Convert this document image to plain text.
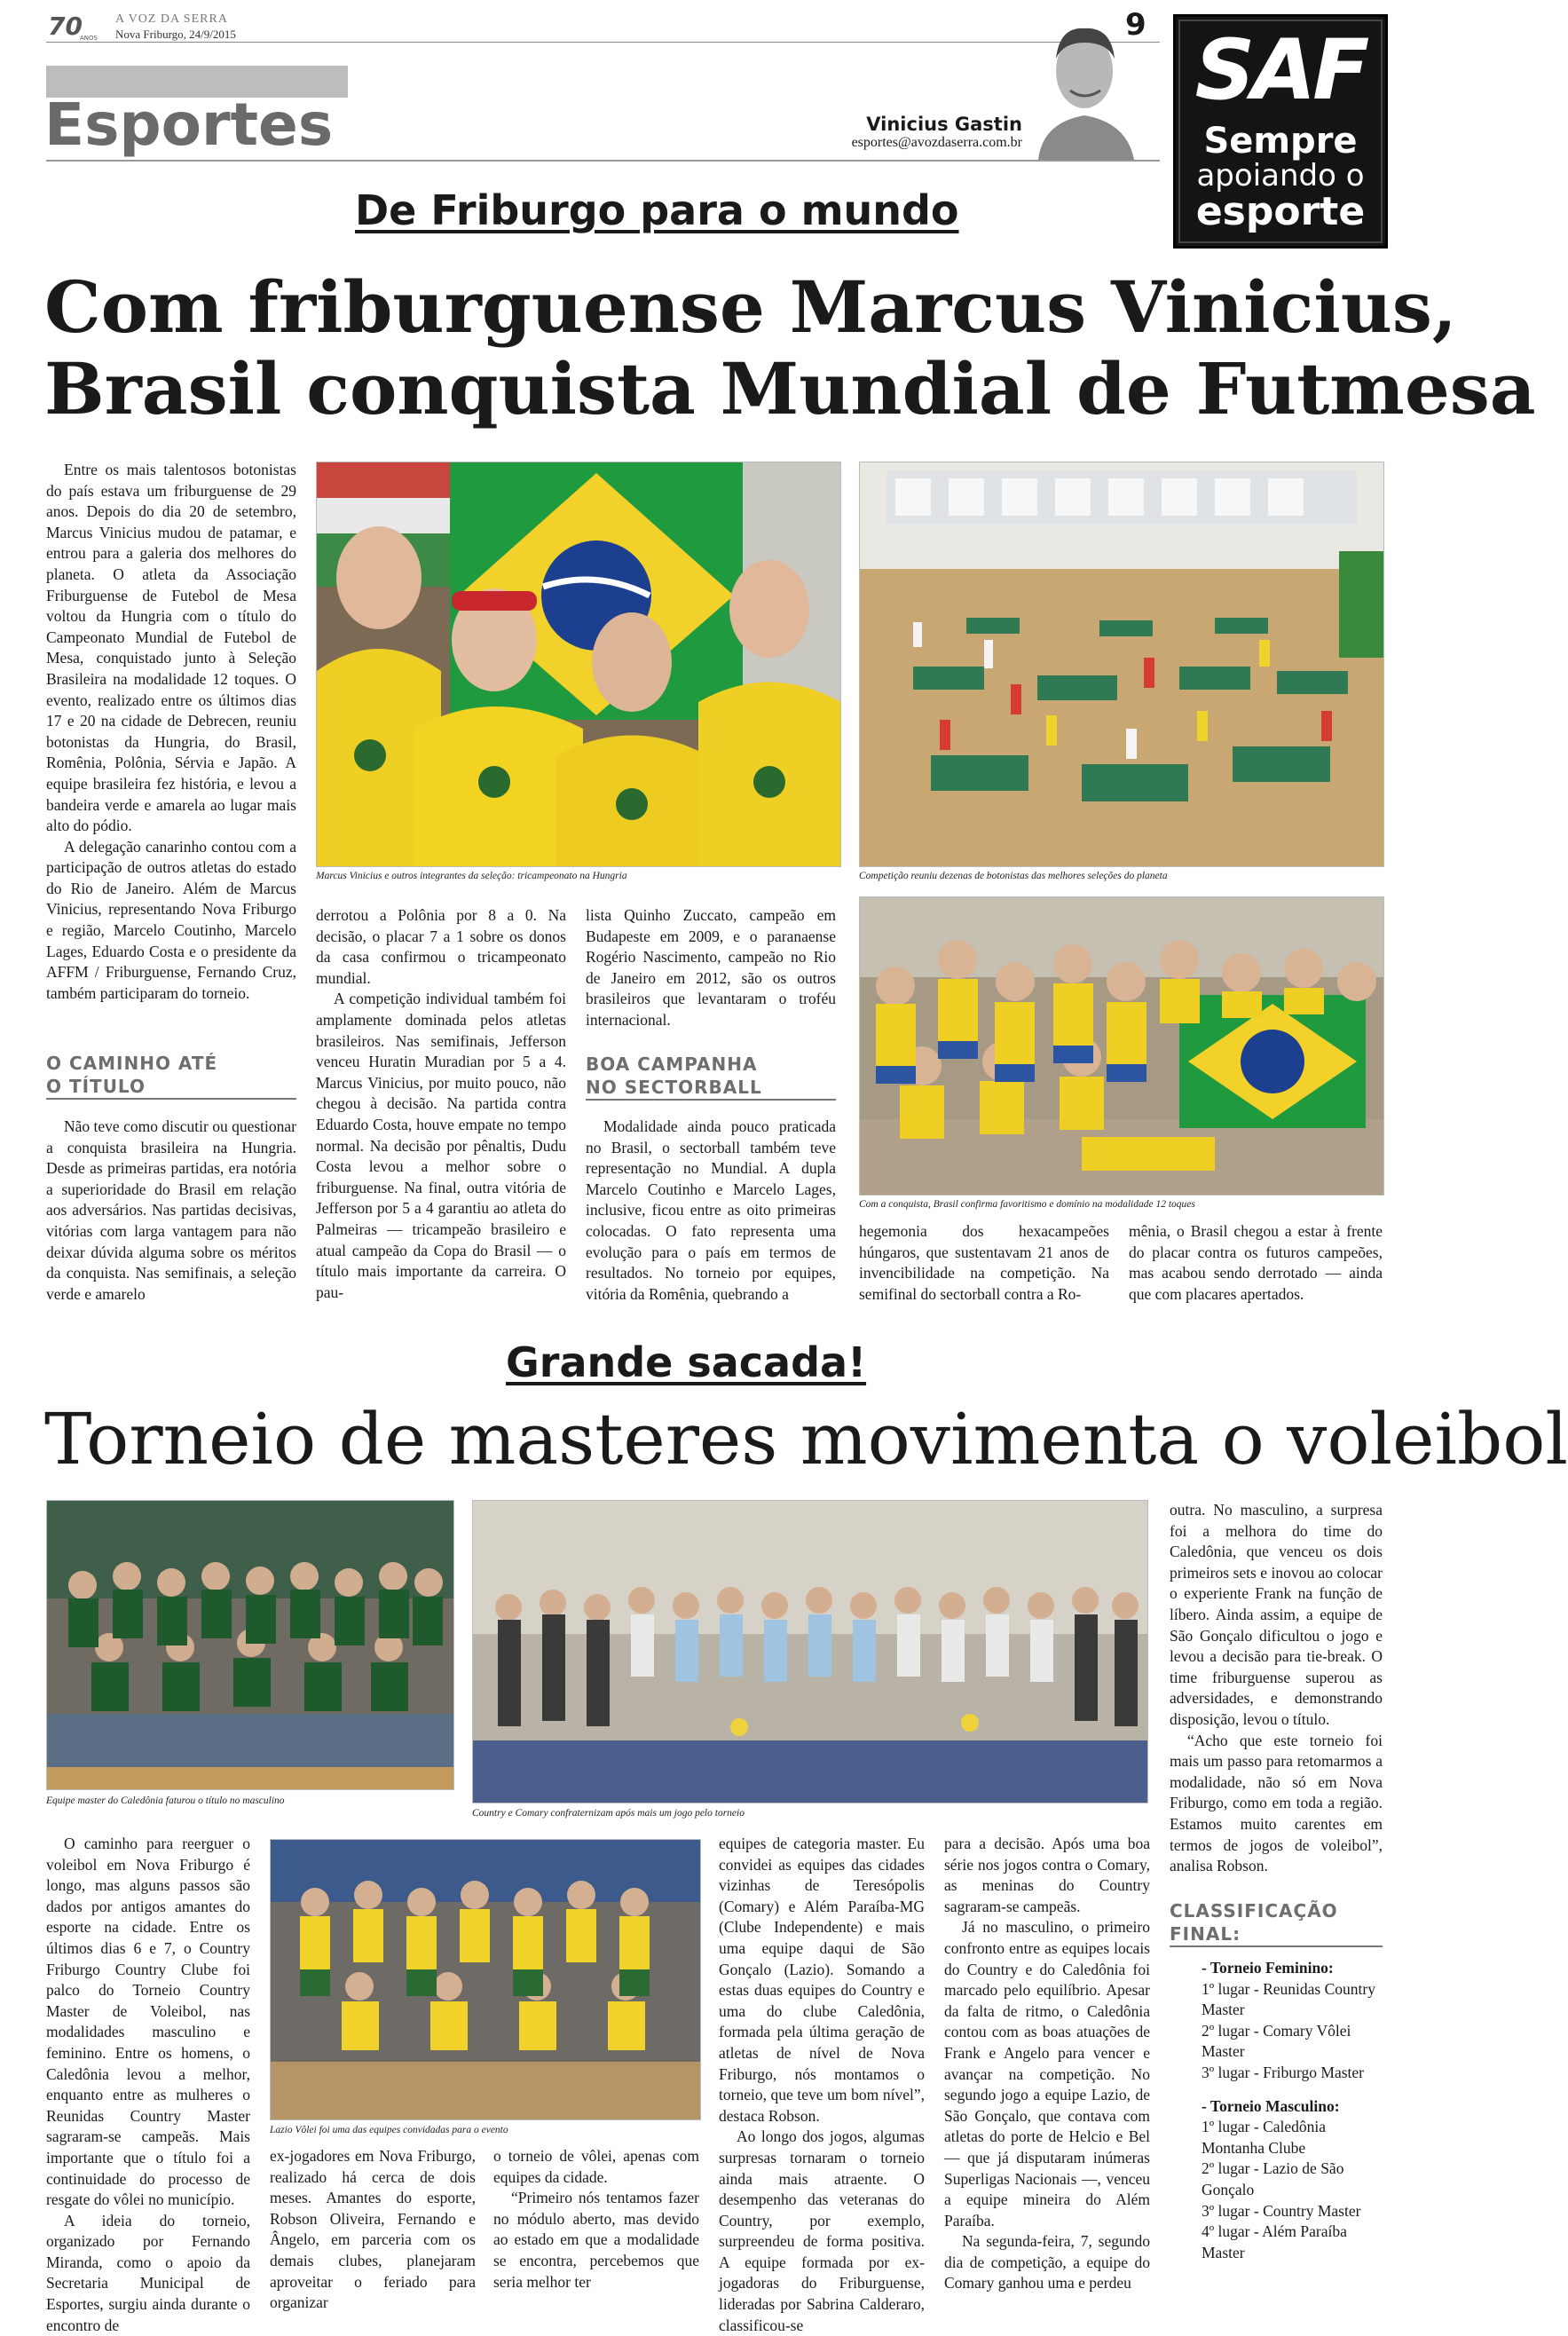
70
ANOS
A VOZ DA SERRA
Nova Friburgo, 24/9/2015	9
Esportes	Vinicius Gastin
esportes@avozdaserra.com.br
SAF
Sempre
apoiando o
esporte
De Friburgo para o mundo
Com friburguense Marcus Vinicius,
Brasil conquista Mundial de Futmesa

Entre os mais talentosos botonistas do país estava um friburguense de 29 anos. Depois do dia 20 de setembro, Marcus Vinicius mudou de patamar, e entrou para a galeria dos melhores do planeta. O atleta da Associação Friburguense de Futebol de Mesa voltou da Hungria com o título do Campeonato Mundial de Futebol de Mesa, conquistado junto à Seleção Brasileira na modalidade 12 toques. O evento, realizado entre os últimos dias 17 e 20 na cidade de Debrecen, reuniu botonistas da Hungria, do Brasil, Romênia, Polônia, Sérvia e Japão. A equipe brasileira fez história, e levou a bandeira verde e amarela ao lugar mais alto do pódio.

A delegação canarinho contou com a participação de outros atletas do estado do Rio de Janeiro. Além de Marcus Vinicius, representando Nova Friburgo e região, Marcelo Coutinho, Marcelo Lages, Eduardo Costa e o presidente da AFFM / Friburguense, Fernando Cruz, também participaram do torneio.

O CAMINHO ATÉ
O TÍTULO

Não teve como discutir ou questionar a conquista brasileira na Hungria. Desde as primeiras partidas, era notória a superioridade do Brasil em relação aos adversários. Nas partidas decisivas, vitórias com larga vantagem para não deixar dúvida alguma sobre os méritos da conquista. Nas semifinais, a seleção verde e amarelo

Marcus Vinicius e outros integrantes da seleção: tricampeonato na Hungria	Competição reuniu dezenas de botonistas das melhores seleções do planeta
Com a conquista, Brasil confirma favoritismo e domínio na modalidade 12 toques

derrotou a Polônia por 8 a 0. Na decisão, o placar 7 a 1 sobre os donos da casa confirmou o tricampeonato mundial.

A competição individual também foi amplamente dominada pelos atletas brasileiros. Nas semifinais, Jefferson venceu Huratin Muradian por 5 a 4. Marcus Vinicius, por muito pouco, não chegou à decisão. Na partida contra Eduardo Costa, houve empate no tempo normal. Na decisão por pênaltis, Dudu Costa levou a melhor sobre o friburguense. Na final, outra vitória de Jefferson por 5 a 4 garantiu ao atleta do Palmeiras — tricampeão brasileiro e atual campeão da Copa do Brasil — o título mais importante da carreira. O pau-

lista Quinho Zuccato, campeão em Budapeste em 2009, e o paranaense Rogério Nascimento, campeão no Rio de Janeiro em 2012, são os outros brasileiros que levantaram o troféu internacional.

BOA CAMPANHA
NO SECTORBALL

Modalidade ainda pouco praticada no Brasil, o sectorball também teve representação no Mundial. A dupla Marcelo Coutinho e Marcelo Lages, inclusive, ficou entre as oito primeiras colocadas. O fato representa uma evolução para o país em termos de resultados. No torneio por equipes, vitória da Romênia, quebrando a

hegemonia dos hexacampeões húngaros, que sustentavam 21 anos de invencibilidade na competição. Na semifinal do sectorball contra a Ro-

mênia, o Brasil chegou a estar à frente do placar contra os futuros campeões, mas acabou sendo derrotado — ainda que com placares apertados.

Grande sacada!
Torneio de masteres movimenta o voleibol
Equipe master do Caledônia faturou o título no masculino
Country e Comary confraternizam após mais um jogo pelo torneio
Lazio Vôlei foi uma das equipes convidadas para o evento

O caminho para reerguer o voleibol em Nova Friburgo é longo, mas alguns passos são dados por antigos amantes do esporte na cidade. Entre os últimos dias 6 e 7, o Country Friburgo Country Clube foi palco do Torneio Country Master de Voleibol, nas modalidades masculino e feminino. Entre os homens, o Caledônia levou a melhor, enquanto entre as mulheres o Reunidas Country Master sagraram-se campeãs. Mais importante que o título foi a continuidade do processo de resgate do vôlei no município.

A ideia do torneio, organizado por Fernando Miranda, como o apoio da Secretaria Municipal de Esportes, surgiu ainda durante o encontro de

ex-jogadores em Nova Friburgo, realizado há cerca de dois meses. Amantes do esporte, Robson Oliveira, Fernando e Ângelo, em parceria com os demais clubes, planejaram aproveitar o feriado para organizar

o torneio de vôlei, apenas com equipes da cidade.

“Primeiro nós tentamos fazer no módulo aberto, mas devido ao estado em que a modalidade se encontra, percebemos que seria melhor ter

equipes de categoria master. Eu convidei as equipes das cidades vizinhas de Teresópolis (Comary) e Além Paraíba-MG (Clube Independente) e mais uma equipe daqui de São Gonçalo (Lazio). Somando a estas duas equipes do Country e uma do clube Caledônia, formada pela última geração de atletas de nível de Nova Friburgo, nós montamos o torneio, que teve um bom nível”, destaca Robson.

Ao longo dos jogos, algumas surpresas tornaram o torneio ainda mais atraente. O desempenho das veteranas do Country, por exemplo, surpreendeu de forma positiva. A equipe formada por ex-jogadoras do Friburguense, lideradas por Sabrina Calderaro, classificou-se

para a decisão. Após uma boa série nos jogos contra o Comary, as meninas do Country sagraram-se campeãs.

Já no masculino, o primeiro confronto entre as equipes locais do Country e do Caledônia foi marcado pelo equilíbrio. Apesar da falta de ritmo, o Caledônia contou com as boas atuações de Frank e Angelo para vencer e avançar na competição. No segundo jogo a equipe Lazio, de São Gonçalo, que contava com atletas do porte de Helcio e Bel — que já disputaram inúmeras Superligas Nacionais —, venceu a equipe mineira do Além Paraíba.

Na segunda-feira, 7, segundo dia de competição, a equipe do Comary ganhou uma e perdeu

outra. No masculino, a surpresa foi a melhora do time do Caledônia, que venceu os dois primeiros sets e inovou ao colocar o experiente Frank na função de líbero. Ainda assim, a equipe de São Gonçalo dificultou o jogo e levou a decisão para tie-break. O time friburguense superou as adversidades, e demonstrando disposição, levou o título.

“Acho que este torneio foi mais um passo para retomarmos a modalidade, não só em Nova Friburgo, como em toda a região. Estamos muito carentes em termos de jogos de voleibol”, analisa Robson.

CLASSIFICAÇÃO
FINAL:
- Torneio Feminino:
1º lugar - Reunidas Country Master
2º lugar - Comary Vôlei Master
3º lugar - Friburgo Master
- Torneio Masculino:
1º lugar - Caledônia Montanha Clube
2º lugar - Lazio de São Gonçalo
3º lugar - Country Master
4º lugar - Além Paraíba Master
